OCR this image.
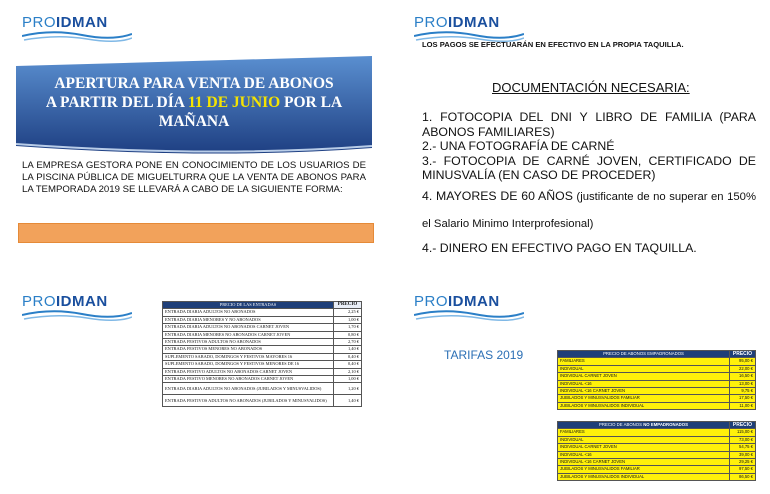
PROIDMAN	PROIDMAN
PROIDMAN	PROIDMAN
APERTURA PARA VENTA DE ABONOS
A PARTIR DEL DÍA 11 DE JUNIO POR LA
MAÑANA

LA EMPRESA GESTORA PONE EN CONOCIMIENTO DE LOS USUARIOS DE LA PISCINA PÚBLICA DE MIGUELTURRA QUE LA VENTA DE ABONOS PARA LA TEMPORADA 2019 SE LLEVARÁ A CABO DE LA SIGUIENTE FORMA:

LOS PAGOS SE EFECTUARÁN EN EFECTIVO EN LA PROPIA TAQUILLA.
DOCUMENTACIÓN NECESARIA:

1. FOTOCOPIA DEL DNI Y LIBRO DE FAMILIA (PARA ABONOS FAMILIARES)

2.- UNA FOTOGRAFÍA DE CARNÉ

3.- FOTOCOPIA DE CARNÉ JOVEN, CERTIFICADO DE MINUSVALÍA (EN CASO DE PROCEDER)

4. MAYORES DE 60 AÑOS (justificante de no superar en 150% el Salario Minimo Interprofesional)

4.- DINERO EN EFECTIVO PAGO EN TAQUILLA.

PRECIO DE LAS ENTRADAS	PRECIO
ENTRADA DIARIA ADULTOS NO ABONADOS	2,25 €
ENTRADA DIARIA MENORES Y NO ABONADOS	1,00 €
ENTRADA DIARIA ADULTOS NO ABONADOS CARNET JOVEN	1,70 €
ENTRADA DIARIA MENORES NO ABONADOS CARNET JOVEN	0,80 €
ENTRADA FESTIVOS ADULTOS NO ABONADOS	2,70 €
ENTRADA FESTIVOS MENORES NO ABONADOS	1,40 €
SUPLEMENTO SABADO, DOMINGOS Y FESTIVOS MAYORES 16	0,40 €
SUPLEMENTO SABADO, DOMINGOS Y FESTIVOS MENORES DE 16	0,40 €
ENTRADA FESTIVO ADULTOS NO ABONADOS CARNET JOVEN	2,10 €
ENTRADA FESTIVO MENORES NO ABONADOS CARNET JOVEN	1,00 €
ENTRADA DIARIA ADULTOS NO ABONADOS (JUBILADOS Y MINUSVALIDOS)	1,20 €
ENTRADA FESTIVOS ADULTOS NO ABONADOS (JUBILADOS Y MINUSVALIDOS)	1,40 €
TARIFAS 2019	PRECIO DE ABONOS EMPADRONADOS	PRECIO
FAMILIARES	95,00 €
INDIVIDUAL	22,00 €
INDIVIDUAL CARNET JOVEN	16,50 €
INDIVIDUAL <16	13,00 €
INDIVIDUAL <16 CARNET JOVEN	9,75 €
JUBILADOS Y MINUSVALIDOS FAMILIAR	17,50 €
JUBILADOS Y MINUSVALIDOS INDIVIDUAL	11,00 €
PRECIO DE ABONOS NO EMPADRONADOS	PRECIO
FAMILIARES	115,00 €
INDIVIDUAL	73,00 €
INDIVIDUAL CARNET JOVEN	54,75 €
INDIVIDUAL <16	39,00 €
INDIVIDUAL <16 CARNET JOVEN	29,25 €
JUBILADOS Y MINUSVALIDOS FAMILIAR	97,50 €
JUBILADOS Y MINUSVALIDOS INDIVIDUAL	86,50 €
